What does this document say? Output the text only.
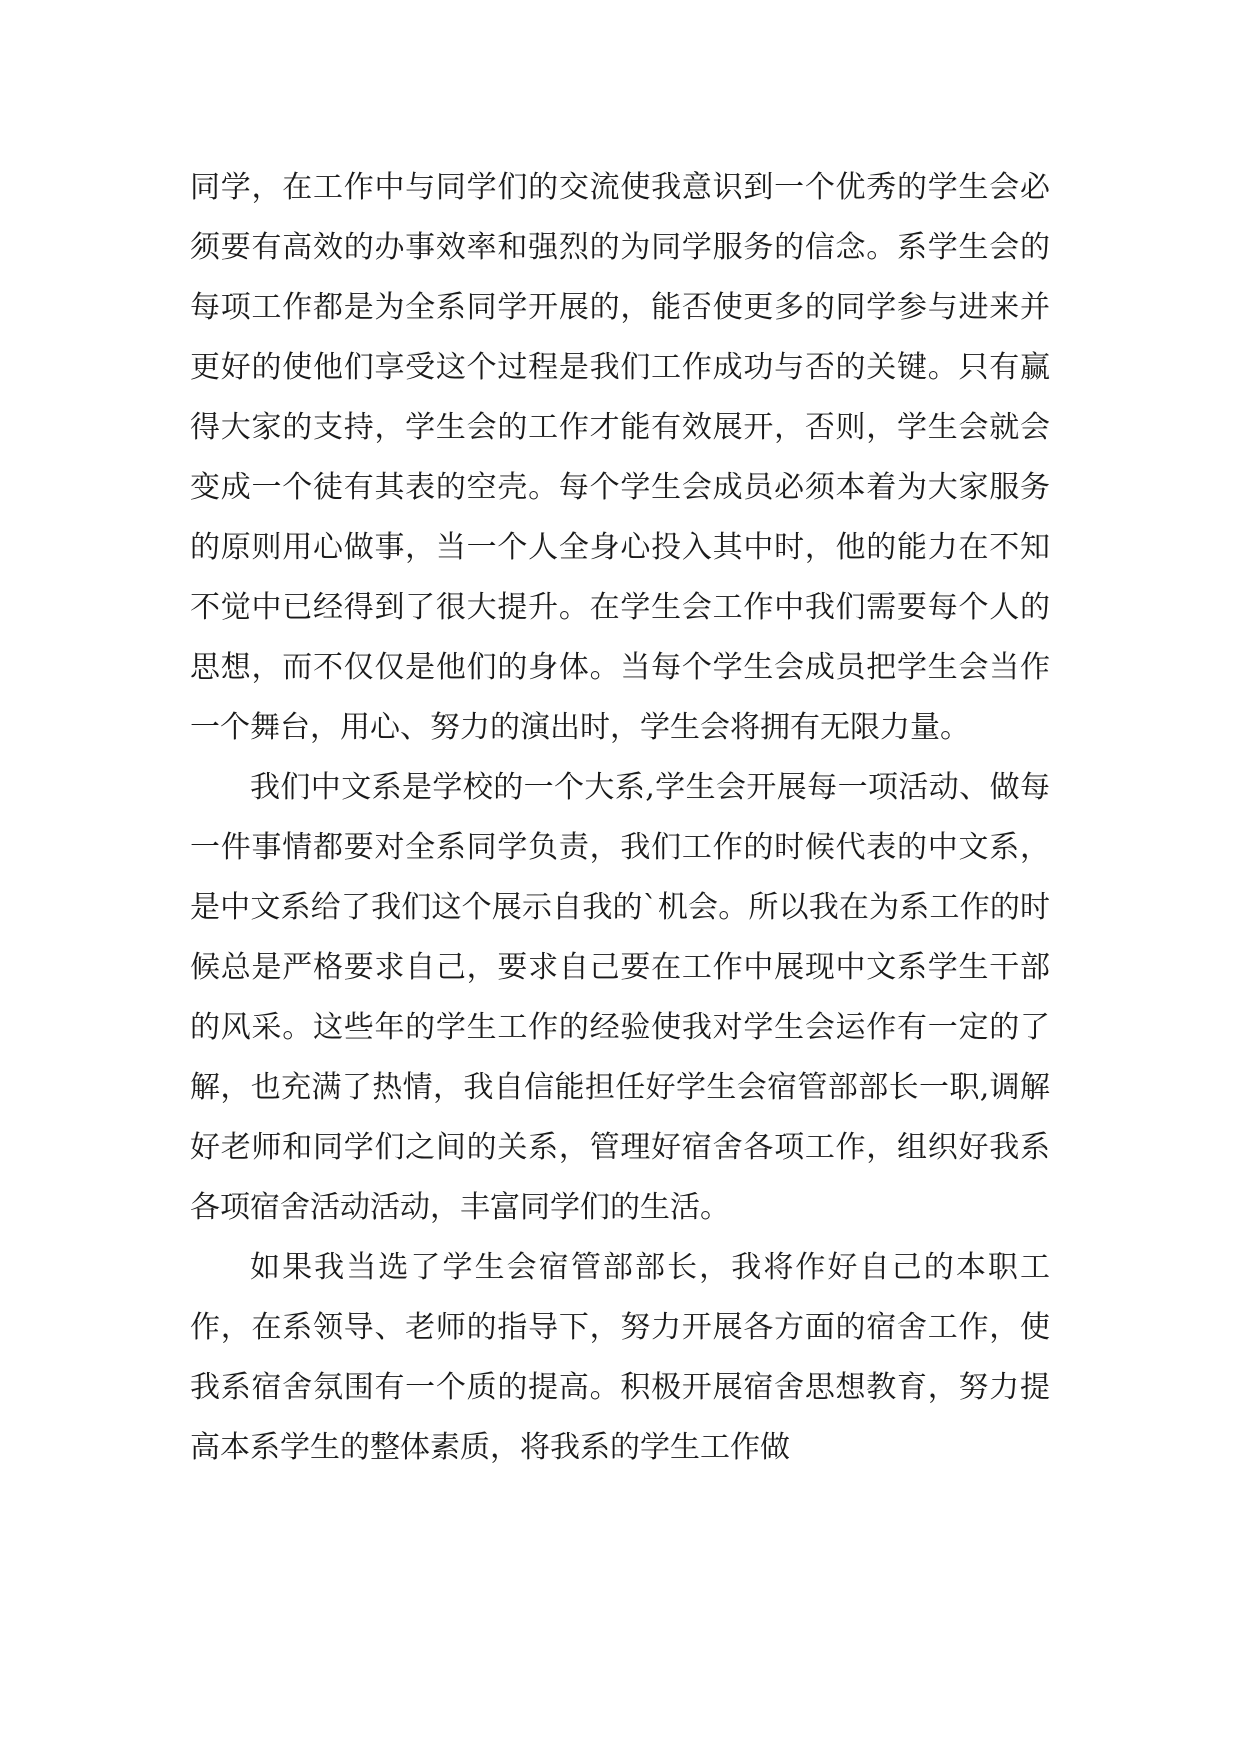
同学，在工作中与同学们的交流使我意识到一个优秀的学生会必须要有高效的办事效率和强烈的为同学服务的信念。系学生会的每项工作都是为全系同学开展的，能否使更多的同学参与进来并更好的使他们享受这个过程是我们工作成功与否的关键。只有赢得大家的支持，学生会的工作才能有效展开，否则，学生会就会变成一个徒有其表的空壳。每个学生会成员必须本着为大家服务的原则用心做事，当一个人全身心投入其中时，他的能力在不知不觉中已经得到了很大提升。在学生会工作中我们需要每个人的思想，而不仅仅是他们的身体。当每个学生会成员把学生会当作一个舞台，用心、努力的演出时，学生会将拥有无限力量。

我们中文系是学校的一个大系,学生会开展每一项活动、做每一件事情都要对全系同学负责，我们工作的时候代表的中文系，是中文系给了我们这个展示自我的`机会。所以我在为系工作的时候总是严格要求自己，要求自己要在工作中展现中文系学生干部的风采。这些年的学生工作的经验使我对学生会运作有一定的了解，也充满了热情，我自信能担任好学生会宿管部部长一职,调解好老师和同学们之间的关系，管理好宿舍各项工作，组织好我系各项宿舍活动活动，丰富同学们的生活。

如果我当选了学生会宿管部部长，我将作好自己的本职工作，在系领导、老师的指导下，努力开展各方面的宿舍工作，使我系宿舍氛围有一个质的提高。积极开展宿舍思想教育，努力提高本系学生的整体素质，将我系的学生工作做
